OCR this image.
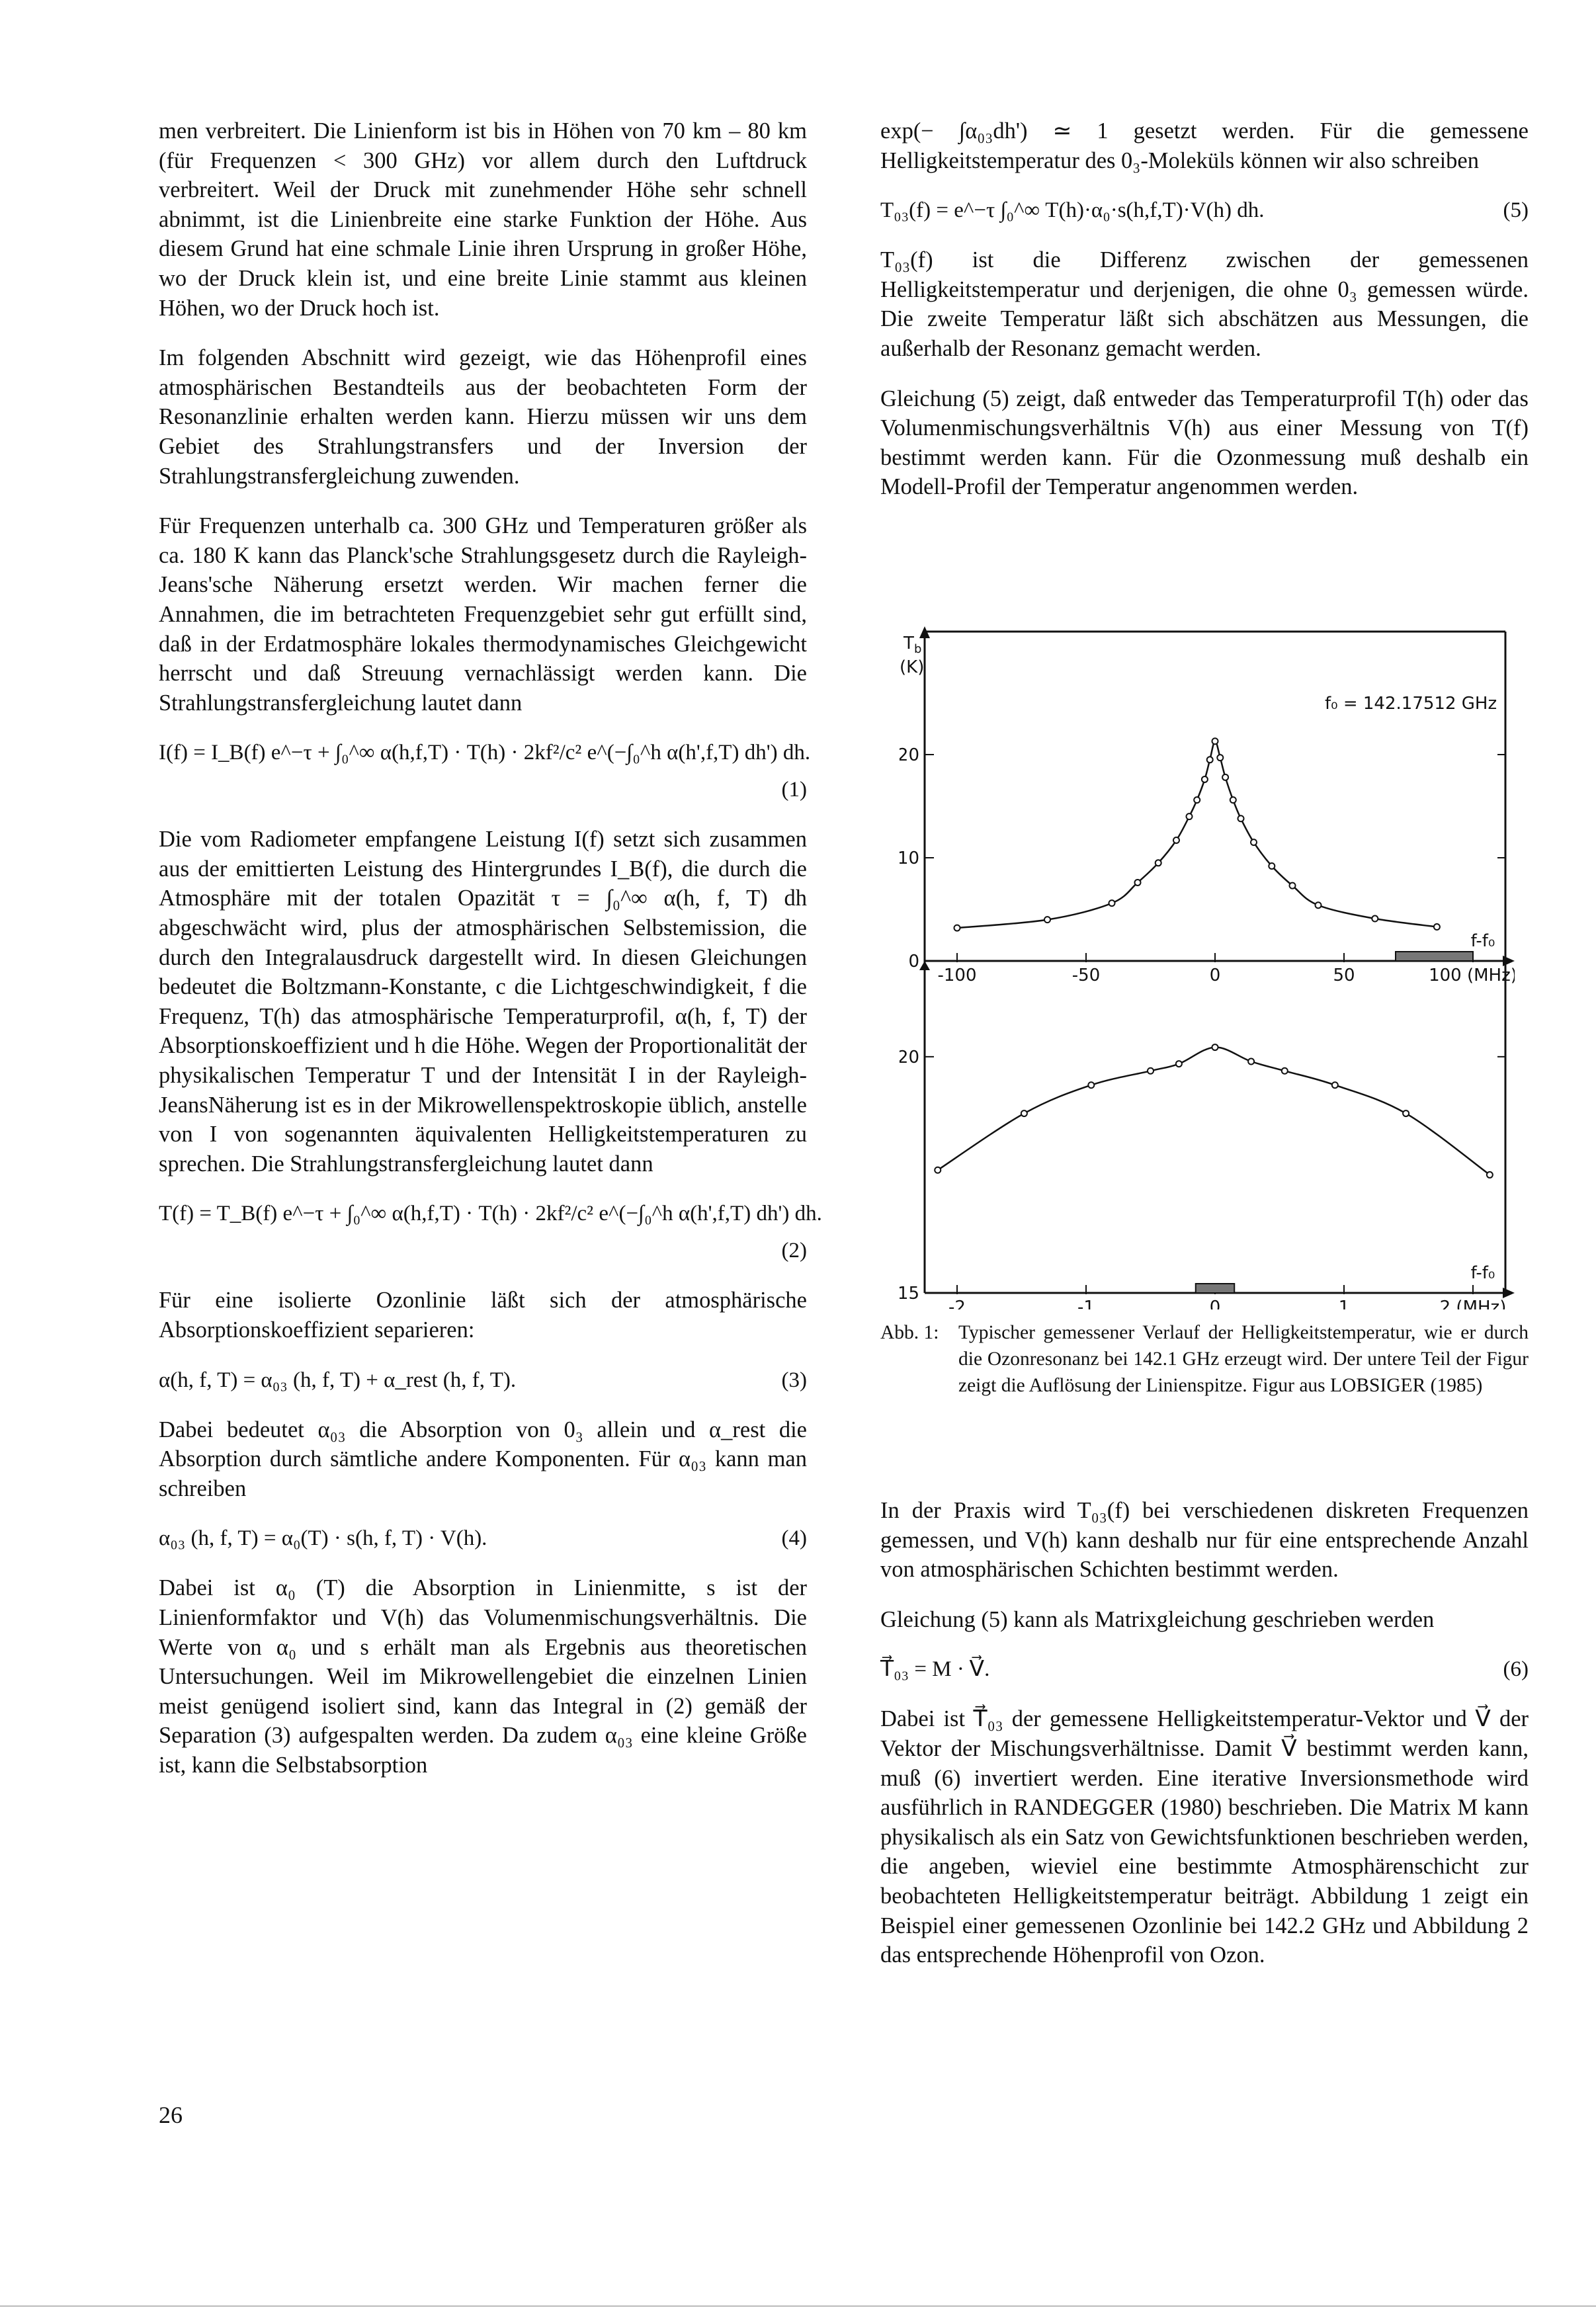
men verbreitert. Die Linienform ist bis in Höhen von 70 km – 80 km (für Frequenzen < 300 GHz) vor allem durch den Luftdruck verbreitert. Weil der Druck mit zunehmender Höhe sehr schnell abnimmt, ist die Linienbreite eine starke Funktion der Höhe. Aus diesem Grund hat eine schmale Linie ihren Ursprung in großer Höhe, wo der Druck klein ist, und eine breite Linie stammt aus kleinen Höhen, wo der Druck hoch ist.

Im folgenden Abschnitt wird gezeigt, wie das Höhenprofil eines atmosphärischen Bestandteils aus der beobachteten Form der Resonanzlinie erhalten werden kann. Hierzu müssen wir uns dem Gebiet des Strahlungstransfers und der Inversion der Strahlungstransfergleichung zuwenden.

Für Frequenzen unterhalb ca. 300 GHz und Temperaturen größer als ca. 180 K kann das Planck'sche Strahlungsgesetz durch die Rayleigh-Jeans'sche Näherung ersetzt werden. Wir machen ferner die Annahmen, die im betrachteten Frequenzgebiet sehr gut erfüllt sind, daß in der Erdatmosphäre lokales thermodynamisches Gleichgewicht herrscht und daß Streuung vernachlässigt werden kann. Die Strahlungstransfergleichung lautet dann

I(f) = I_B(f) e^−τ + ∫₀^∞ α(h,f,T) · T(h) · 2kf²/c² e^(−∫₀^h α(h',f,T) dh') dh.
(1)

Die vom Radiometer empfangene Leistung I(f) setzt sich zusammen aus der emittierten Leistung des Hintergrundes I_B(f), die durch die Atmosphäre mit der totalen Opazität τ = ∫₀^∞ α(h, f, T) dh abgeschwächt wird, plus der atmosphärischen Selbstemission, die durch den Integralausdruck dargestellt wird. In diesen Gleichungen bedeutet die Boltzmann-Konstante, c die Lichtgeschwindigkeit, f die Frequenz, T(h) das atmosphärische Temperaturprofil, α(h, f, T) der Absorptionskoeffizient und h die Höhe. Wegen der Proportionalität der physikalischen Temperatur T und der Intensität I in der Rayleigh-JeansNäherung ist es in der Mikrowellenspektroskopie üblich, anstelle von I von sogenannten äquivalenten Helligkeitstemperaturen zu sprechen. Die Strahlungstransfergleichung lautet dann

T(f) = T_B(f) e^−τ + ∫₀^∞ α(h,f,T) · T(h) · 2kf²/c² e^(−∫₀^h α(h',f,T) dh') dh.
(2)

Für eine isolierte Ozonlinie läßt sich der atmosphärische Absorptionskoeffizient separieren:

α(h, f, T) = α₀₃ (h, f, T) + α_rest (h, f, T).	(3)

Dabei bedeutet α₀₃ die Absorption von 0₃ allein und α_rest die Absorption durch sämtliche andere Komponenten. Für α₀₃ kann man schreiben

α₀₃ (h, f, T) = α₀(T) · s(h, f, T) · V(h).	(4)

Dabei ist α₀ (T) die Absorption in Linienmitte, s ist der Linienformfaktor und V(h) das Volumenmischungsverhältnis. Die Werte von α₀ und s erhält man als Ergebnis aus theoretischen Untersuchungen. Weil im Mikrowellengebiet die einzelnen Linien meist genügend isoliert sind, kann das Integral in (2) gemäß der Separation (3) aufgespalten werden. Da zudem α₀₃ eine kleine Größe ist, kann die Selbstabsorption

exp(− ∫α₀₃dh') ≃ 1 gesetzt werden. Für die gemessene Helligkeitstemperatur des 0₃-Moleküls können wir also schreiben

T₀₃(f) = e^−τ ∫₀^∞ T(h)·α₀·s(h,f,T)·V(h) dh.	(5)

T₀₃(f) ist die Differenz zwischen der gemessenen Helligkeitstemperatur und derjenigen, die ohne 0₃ gemessen würde. Die zweite Temperatur läßt sich abschätzen aus Messungen, die außerhalb der Resonanz gemacht werden.

Gleichung (5) zeigt, daß entweder das Temperaturprofil T(h) oder das Volumenmischungsverhältnis V(h) aus einer Messung von T(f) bestimmt werden kann. Für die Ozonmessung muß deshalb ein Modell-Profil der Temperatur angenommen werden.

T b
(K)
f₀ = 142.17512 GHz
-100	-50	0	50	100 (MHz)
0
10
20
f-f₀
-2	-1	0	1	2 (MHz)
15
20
f-f₀
Abb. 1: Typischer gemessener Verlauf der Helligkeitstemperatur, wie er durch die Ozonresonanz bei 142.1 GHz erzeugt wird. Der untere Teil der Figur zeigt die Auflösung der Linienspitze. Figur aus LOBSIGER (1985)

In der Praxis wird T₀₃(f) bei verschiedenen diskreten Frequenzen gemessen, und V(h) kann deshalb nur für eine entsprechende Anzahl von atmosphärischen Schichten bestimmt werden.

Gleichung (5) kann als Matrixgleichung geschrieben werden

T⃗₀₃ = M · V⃗.	(6)

Dabei ist T⃗₀₃ der gemessene Helligkeitstemperatur-Vektor und V⃗ der Vektor der Mischungsverhältnisse. Damit V⃗ bestimmt werden kann, muß (6) invertiert werden. Eine iterative Inversionsmethode wird ausführlich in RANDEGGER (1980) beschrieben. Die Matrix M kann physikalisch als ein Satz von Gewichtsfunktionen beschrieben werden, die angeben, wieviel eine bestimmte Atmosphärenschicht zur beobachteten Helligkeitstemperatur beiträgt. Abbildung 1 zeigt ein Beispiel einer gemessenen Ozonlinie bei 142.2 GHz und Abbildung 2 das entsprechende Höhenprofil von Ozon.

26
